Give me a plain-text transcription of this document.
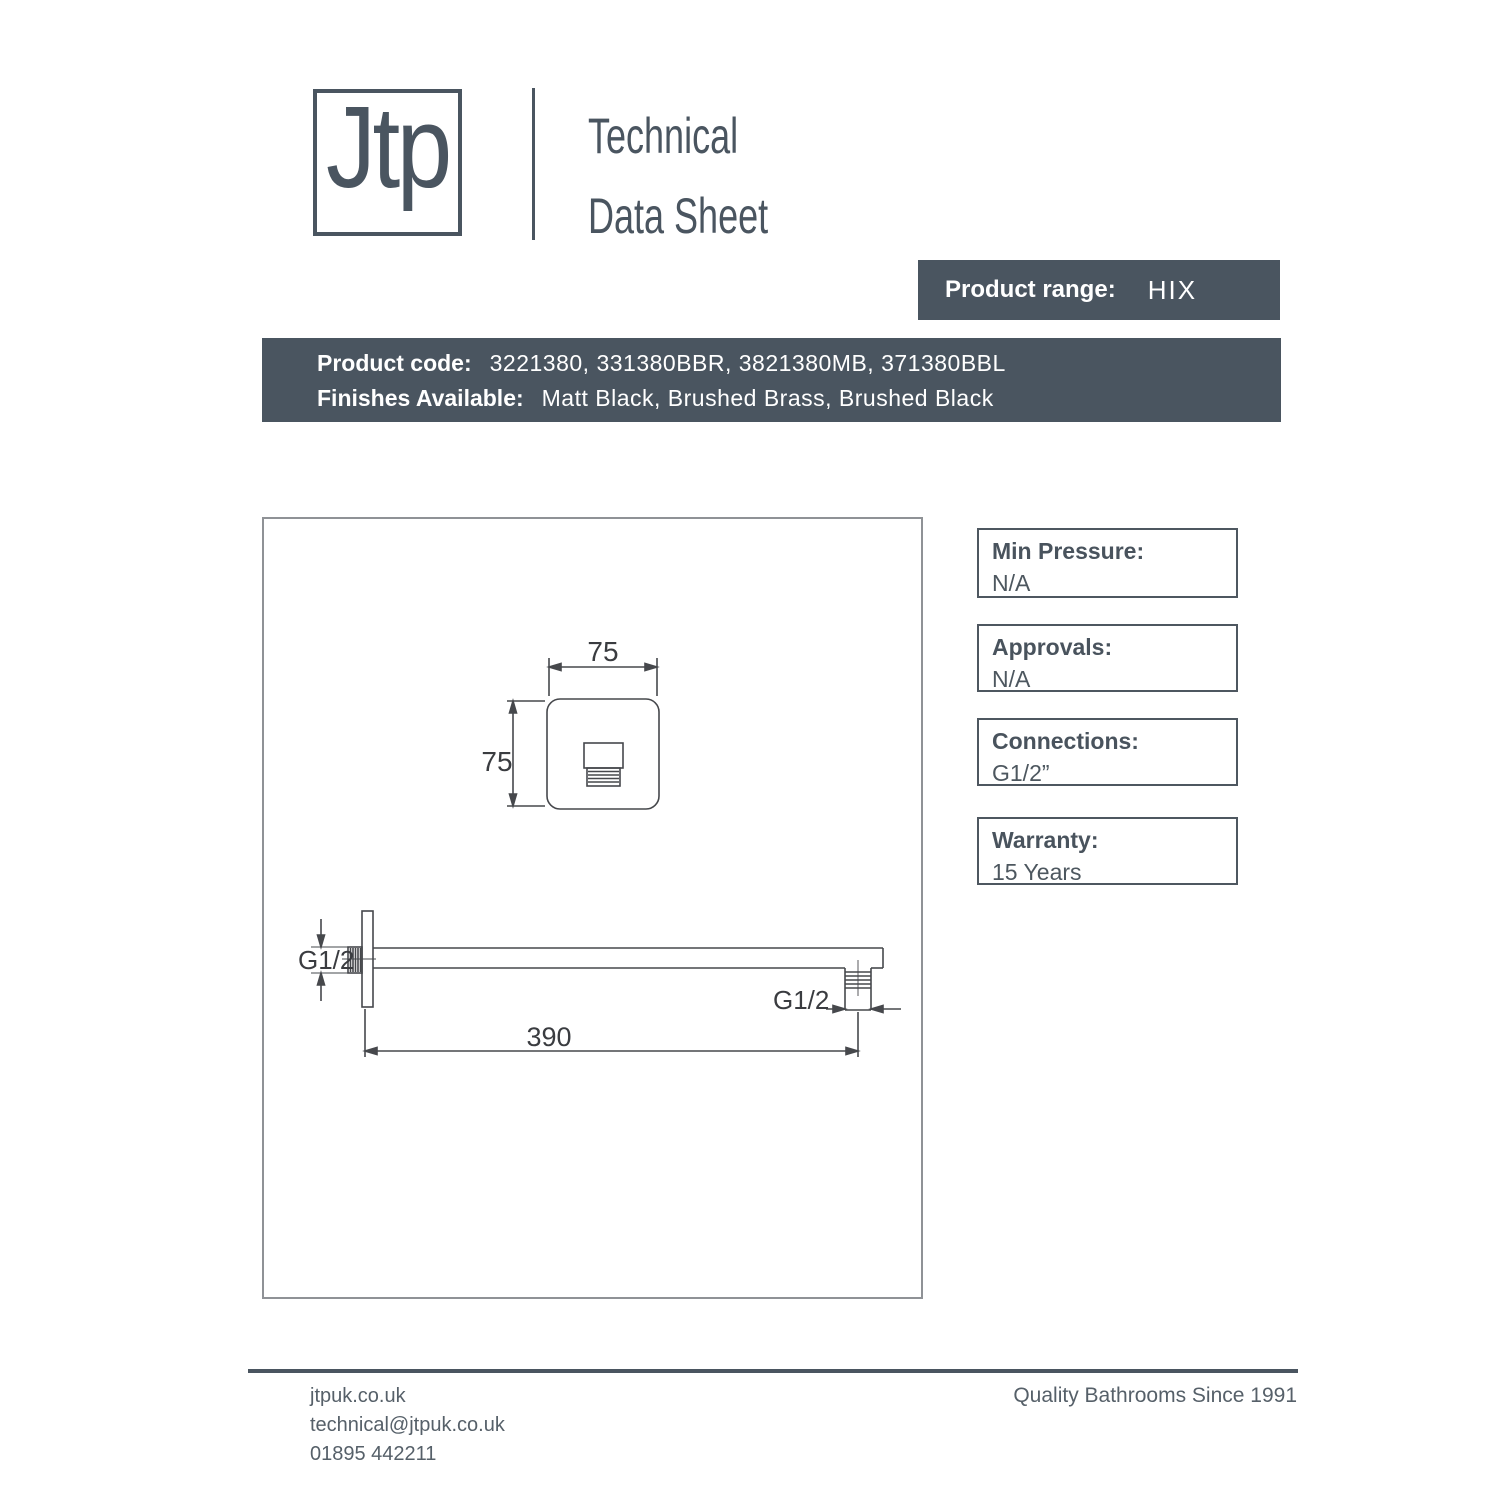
Jtp	Technical
Data Sheet
Product range: HIX
Product code: 3221380, 331380BBR, 3821380MB, 371380BBL
Finishes Available: Matt Black, Brushed Brass, Brushed Black
75
75
G1/2
G1/2
390
Min Pressure:
N/A
Approvals:
N/A
Connections:
G1/2”
Warranty:
15 Years
jtpuk.co.uk
technical@jtpuk.co.uk
01895 442211
Quality Bathrooms Since 1991
